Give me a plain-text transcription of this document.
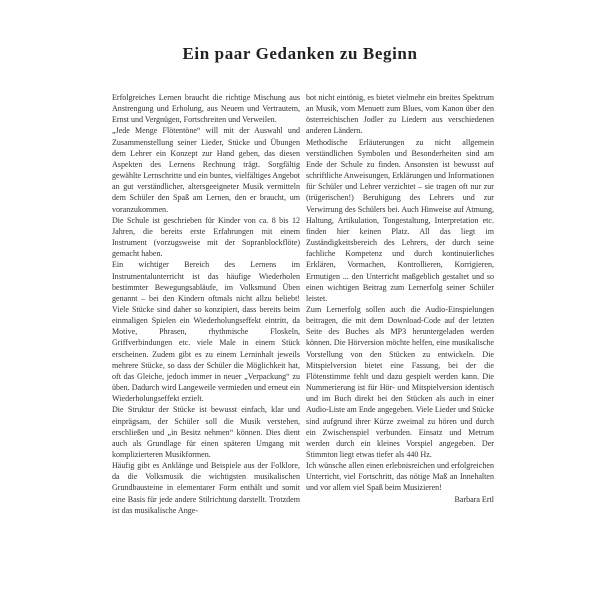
Ein paar Gedanken zu Beginn

Erfolgreiches Lernen braucht die richtige Mischung aus Anstrengung und Erholung, aus Neuem und Vertrautem, Ernst und Vergnügen, Fortschreiten und Verweilen.

„Jede Menge Flötentöne“ will mit der Auswahl und Zusammenstellung seiner Lieder, Stücke und Übungen dem Lehrer ein Konzept zur Hand geben, das diesen Aspekten des Lernens Rechnung trägt. Sorgfältig gewählte Lernschritte und ein buntes, vielfältiges Angebot an gut verständlicher, altersgeeigneter Musik vermitteln dem Schüler den Spaß am Lernen, den er braucht, um voranzukommen.

Die Schule ist geschrieben für Kinder von ca. 8 bis 12 Jahren, die bereits erste Erfahrungen mit einem Instrument (vorzugsweise mit der Sopranblockflöte) gemacht haben.

Ein wichtiger Bereich des Lernens im Instrumentalunterricht ist das häufige Wiederholen bestimmter Bewegungsabläufe, im Volksmund Üben genannt – bei den Kindern oftmals nicht allzu beliebt! Viele Stücke sind daher so konzipiert, dass bereits beim einmaligen Spielen ein Wiederholungseffekt eintritt, da Motive, Phrasen, rhythmische Floskeln, Griffverbindungen etc. viele Male in einem Stück erscheinen. Zudem gibt es zu einem Lerninhalt jeweils mehrere Stücke, so dass der Schüler die Möglichkeit hat, oft das Gleiche, jedoch immer in neuer „Verpackung“ zu üben. Dadurch wird Langeweile vermieden und erneut ein Wiederholungseffekt erzielt.

Die Struktur der Stücke ist bewusst einfach, klar und einprägsam, der Schüler soll die Musik verstehen, erschließen und „in Besitz nehmen“ können. Dies dient auch als Grundlage für einen späteren Umgang mit komplizierteren Musikformen.

Häufig gibt es Anklänge und Beispiele aus der Folklore, da die Volksmusik die wichtigsten musikalischen Grundbausteine in elementarer Form enthält und somit eine Basis für jede andere Stilrichtung darstellt. Trotzdem ist das musikalische Ange-

bot nicht eintönig, es bietet vielmehr ein breites Spektrum an Musik, vom Menuett zum Blues, vom Kanon über den österreichischen Jodler zu Liedern aus verschiedenen anderen Ländern.

Methodische Erläuterungen zu nicht allgemein verständlichen Symbolen und Besonderheiten sind am Ende der Schule zu finden. Ansonsten ist bewusst auf schriftliche Anweisungen, Erklärungen und Informationen für Schüler und Lehrer verzichtet – sie tragen oft nur zur (trügerischen!) Beruhigung des Lehrers und zur Verwirrung des Schülers bei. Auch Hinweise auf Atmung, Haltung, Artikulation, Tongestaltung, Interpretation etc. finden hier keinen Platz. All das liegt im Zuständigkeitsbereich des Lehrers, der durch seine fachliche Kompetenz und durch kontinuierliches Erklären, Vormachen, Kontrollieren, Korrigieren, Ermutigen ... den Unterricht maßgeblich gestaltet und so einen wichtigen Beitrag zum Lernerfolg seiner Schüler leistet.

Zum Lernerfolg sollen auch die Audio-Einspielungen beitragen, die mit dem Download-Code auf der letzten Seite des Buches als MP3 heruntergeladen werden können. Die Hörversion möchte helfen, eine musikalische Vorstellung von den Stücken zu entwickeln. Die Mitspielversion bietet eine Fassung, bei der die Flötenstimme fehlt und dazu gespielt werden kann. Die Nummerierung ist für Hör- und Mitspielversion identisch und im Buch direkt bei den Stücken als auch in einer Audio-Liste am Ende angegeben. Viele Lieder und Stücke sind aufgrund ihrer Kürze zweimal zu hören und durch ein Zwischenspiel verbunden. Einsatz und Metrum werden durch ein kleines Vorspiel angegeben. Der Stimmton liegt etwas tiefer als 440 Hz.

Ich wünsche allen einen erlebnisreichen und erfolgreichen Unterricht, viel Fortschritt, das nötige Maß an Innehalten und vor allem viel Spaß beim Musizieren!

Barbara Ertl
